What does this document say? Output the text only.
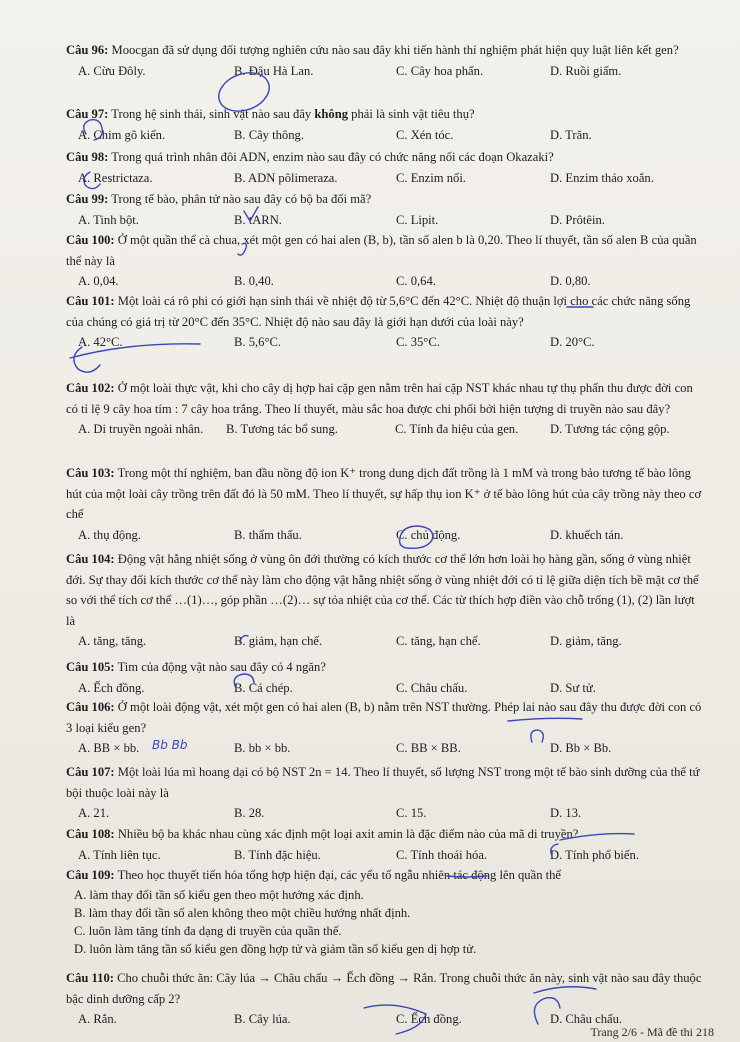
Câu 96: Moocgan đã sử dụng đối tượng nghiên cứu nào sau đây khi tiến hành thí nghiệm phát hiện quy luật liên kết gen?
A. Cừu Đôly.	B. Đậu Hà Lan.	C. Cây hoa phấn.	D. Ruồi giấm.
Câu 97: Trong hệ sinh thái, sinh vật nào sau đây không phải là sinh vật tiêu thụ?
A. Chim gõ kiến.	B. Cây thông.	C. Xén tóc.	D. Trăn.
Câu 98: Trong quá trình nhân đôi ADN, enzim nào sau đây có chức năng nối các đoạn Okazaki?
A. Restrictaza.	B. ADN pôlimeraza.	C. Enzim nối.	D. Enzim tháo xoắn.
Câu 99: Trong tế bào, phân tử nào sau đây có bộ ba đối mã?
A. Tinh bột.	B. tARN.	C. Lipit.	D. Prôtêin.
Câu 100: Ở một quần thể cà chua, xét một gen có hai alen (B, b), tần số alen b là 0,20. Theo lí thuyết, tần số alen B của quần thể này là
A. 0,04.	B. 0,40.	C. 0,64.	D. 0,80.
Câu 101: Một loài cá rô phi có giới hạn sinh thái về nhiệt độ từ 5,6°C đến 42°C. Nhiệt độ thuận lợi cho các chức năng sống của chúng có giá trị từ 20°C đến 35°C. Nhiệt độ nào sau đây là giới hạn dưới của loài này?
A. 42°C.	B. 5,6°C.	C. 35°C.	D. 20°C.
Câu 102: Ở một loài thực vật, khi cho cây dị hợp hai cặp gen nằm trên hai cặp NST khác nhau tự thụ phấn thu được đời con có tỉ lệ 9 cây hoa tím : 7 cây hoa trắng. Theo lí thuyết, màu sắc hoa được chi phối bởi hiện tượng di truyền nào sau đây?
A. Di truyền ngoài nhân. B. Tương tác bổ sung.	C. Tính đa hiệu của gen.	D. Tương tác cộng gộp.
Câu 103: Trong một thí nghiệm, ban đầu nồng độ ion K⁺ trong dung dịch đất trồng là 1 mM và trong bảo tương tế bào lông hút của một loài cây trồng trên đất đó là 50 mM. Theo lí thuyết, sự hấp thụ ion K⁺ ở tế bào lông hút của cây trồng này theo cơ chế
A. thụ động.	B. thẩm thấu.	C. chủ động.	D. khuếch tán.
Câu 104: Động vật hằng nhiệt sống ở vùng ôn đới thường có kích thước cơ thể lớn hơn loài họ hàng gần, sống ở vùng nhiệt đới. Sự thay đổi kích thước cơ thể này làm cho động vật hằng nhiệt sống ở vùng nhiệt đới có tỉ lệ giữa diện tích bề mặt cơ thể so với thể tích cơ thể …(1)…, góp phần …(2)… sự tỏa nhiệt của cơ thể. Các từ thích hợp điền vào chỗ trống (1), (2) lần lượt là
A. tăng, tăng.	B. giảm, hạn chế.	C. tăng, hạn chế.	D. giảm, tăng.
Câu 105: Tim của động vật nào sau đây có 4 ngăn?
A. Ếch đồng.	B. Cá chép.	C. Châu chấu.	D. Sư tử.
Câu 106: Ở một loài động vật, xét một gen có hai alen (B, b) nằm trên NST thường. Phép lai nào sau đây thu được đời con có 3 loại kiểu gen?
A. BB × bb.	B. bb × bb.	C. BB × BB.	D. Bb × Bb.
Câu 107: Một loài lúa mì hoang dại có bộ NST 2n = 14. Theo lí thuyết, số lượng NST trong một tế bào sinh dưỡng của thể tứ bội thuộc loài này là
A. 21.	B. 28.	C. 15.	D. 13.
Câu 108: Nhiều bộ ba khác nhau cùng xác định một loại axit amin là đặc điểm nào của mã di truyền?
A. Tính liên tục.	B. Tính đặc hiệu.	C. Tính thoái hóa.	D. Tính phổ biến.
Câu 109: Theo học thuyết tiến hóa tổng hợp hiện đại, các yếu tố ngẫu nhiên tác động lên quần thể
A. làm thay đổi tần số kiểu gen theo một hướng xác định.
B. làm thay đổi tần số alen không theo một chiều hướng nhất định.
C. luôn làm tăng tính đa dạng di truyền của quần thể.
D. luôn làm tăng tần số kiểu gen đồng hợp tử và giảm tần số kiểu gen dị hợp tử.
Câu 110: Cho chuỗi thức ăn: Cây lúa → Châu chấu → Ếch đồng → Rắn. Trong chuỗi thức ăn này, sinh vật nào sau đây thuộc bậc dinh dưỡng cấp 2?
A. Rắn.	B. Cây lúa.	C. Ếch đồng.	D. Châu chấu.
Trang 2/6 - Mã đề thi 218
Bb Bb
